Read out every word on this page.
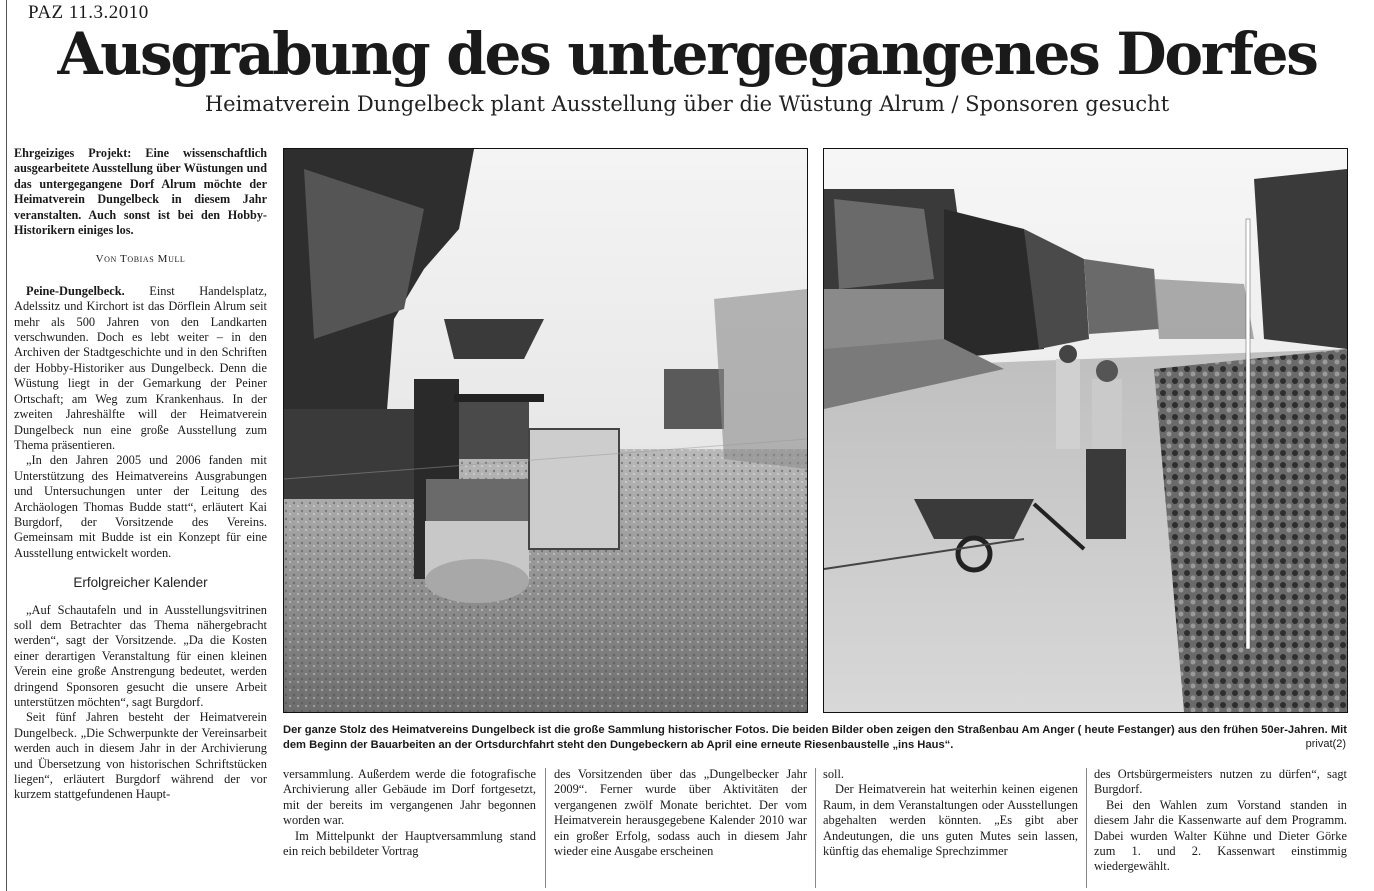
PAZ 11.3.2010
Ausgrabung des untergegangenes Dorfes
Heimatverein Dungelbeck plant Ausstellung über die Wüstung Alrum / Sponsoren gesucht

Ehrgeiziges Projekt: Eine wissenschaftlich ausgearbeitete Ausstellung über Wüstungen und das untergegangene Dorf Alrum möchte der Heimatverein Dungelbeck in diesem Jahr veranstalten. Auch sonst ist bei den Hobby-Historikern einiges los.

Von Tobias Mull

Peine-Dungelbeck. Einst Handelsplatz, Adelssitz und Kirchort ist das Dörflein Alrum seit mehr als 500 Jahren von den Landkarten verschwunden. Doch es lebt weiter – in den Archiven der Stadtgeschichte und in den Schriften der Hobby-Historiker aus Dungelbeck. Denn die Wüstung liegt in der Gemarkung der Peiner Ortschaft; am Weg zum Krankenhaus. In der zweiten Jahreshälfte will der Heimatverein Dungelbeck nun eine große Ausstellung zum Thema präsentieren.

„In den Jahren 2005 und 2006 fanden mit Unterstützung des Heimatvereins Ausgrabungen und Untersuchungen unter der Leitung des Archäologen Thomas Budde statt“, erläutert Kai Burgdorf, der Vorsitzende des Vereins. Gemeinsam mit Budde ist ein Konzept für eine Ausstellung entwickelt worden.

Erfolgreicher Kalender

„Auf Schautafeln und in Ausstellungsvitrinen soll dem Betrachter das Thema nähergebracht werden“, sagt der Vorsitzende. „Da die Kosten einer derartigen Veranstaltung für einen kleinen Verein eine große Anstrengung bedeutet, werden dringend Sponsoren gesucht die unsere Arbeit unterstützen möchten“, sagt Burgdorf.

Seit fünf Jahren besteht der Heimatverein Dungelbeck. „Die Schwerpunkte der Vereinsarbeit werden auch in diesem Jahr in der Archivierung und Übersetzung von historischen Schriftstücken liegen“, erläutert Burgdorf während der vor kurzem stattgefundenen Haupt-

Der ganze Stolz des Heimatvereins Dungelbeck ist die große Sammlung historischer Fotos. Die beiden Bilder oben zeigen den Straßenbau Am Anger ( heute Festanger) aus den frühen 50er-Jahren. Mit dem Beginn der Bauarbeiten an der Ortsdurchfahrt steht den Dungebeckern ab April eine erneute Riesenbaustelle „ins Haus“.	privat(2)

versammlung. Außerdem werde die fotografische Archivierung aller Gebäude im Dorf fortgesetzt, mit der bereits im vergangenen Jahr begonnen worden war.

Im Mittelpunkt der Hauptversammlung stand ein reich bebildeter Vortrag

des Vorsitzenden über das „Dungelbecker Jahr 2009“. Ferner wurde über Aktivitäten der vergangenen zwölf Monate berichtet. Der vom Heimatverein herausgegebene Kalender 2010 war ein großer Erfolg, sodass auch in diesem Jahr wieder eine Ausgabe erscheinen

soll.

Der Heimatverein hat weiterhin keinen eigenen Raum, in dem Veranstaltungen oder Ausstellungen abgehalten werden könnten. „Es gibt aber Andeutungen, die uns guten Mutes sein lassen, künftig das ehemalige Sprechzimmer

des Ortsbürgermeisters nutzen zu dürfen“, sagt Burgdorf.

Bei den Wahlen zum Vorstand standen in diesem Jahr die Kassenwarte auf dem Programm. Dabei wurden Walter Kühne und Dieter Görke zum 1. und 2. Kassenwart einstimmig wiedergewählt.
